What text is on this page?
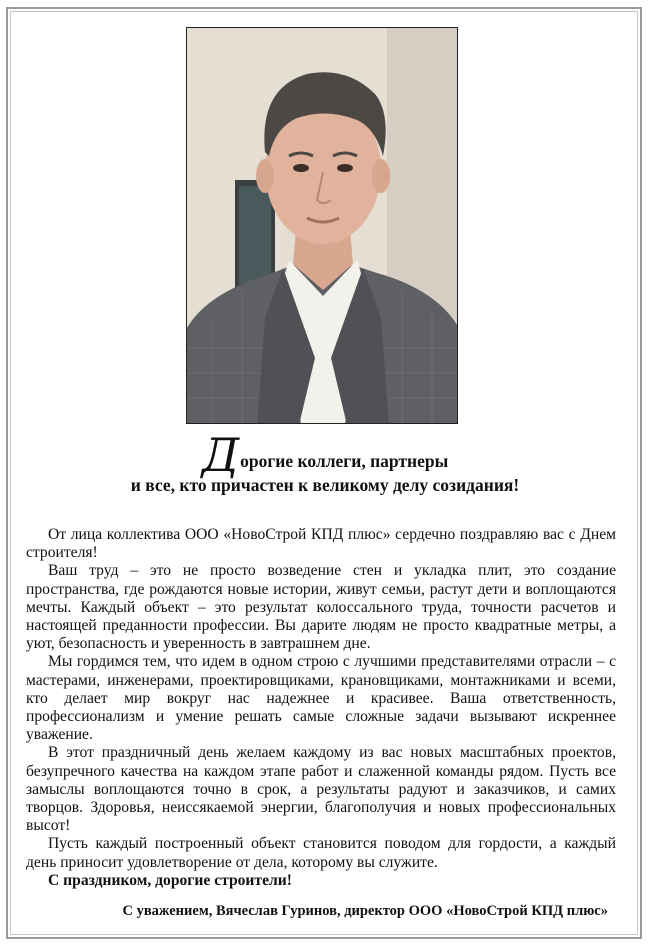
Дорогие коллеги, партнеры
и все, кто причастен к великому делу созидания!

От лица коллектива ООО «НовоСтрой КПД плюс» сердечно поздравляю вас с Днем строителя!

Ваш труд – это не просто возведение стен и укладка плит, это создание пространства, где рождаются новые истории, живут семьи, растут дети и воплощаются мечты. Каждый объект – это результат колоссального труда, точности расчетов и настоящей преданности профессии. Вы дарите людям не просто квадратные метры, а уют, безопасность и уверенность в завтрашнем дне.

Мы гордимся тем, что идем в одном строю с лучшими представителями отрасли – с мастерами, инженерами, проектировщиками, крановщиками, монтажниками и всеми, кто делает мир вокруг нас надежнее и красивее. Ваша ответственность, профессионализм и умение решать самые сложные задачи вызывают искреннее уважение.

В этот праздничный день желаем каждому из вас новых масштабных проектов, безупречного качества на каждом этапе работ и слаженной команды рядом. Пусть все замыслы воплощаются точно в срок, а результаты радуют и заказчиков, и самих творцов. Здоровья, неиссякаемой энергии, благополучия и новых профессиональных высот!

Пусть каждый построенный объект становится поводом для гордости, а каждый день приносит удовлетворение от дела, которому вы служите.

С праздником, дорогие строители!

С уважением, Вячеслав Гуринов, директор ООО «НовоСтрой КПД плюс»
